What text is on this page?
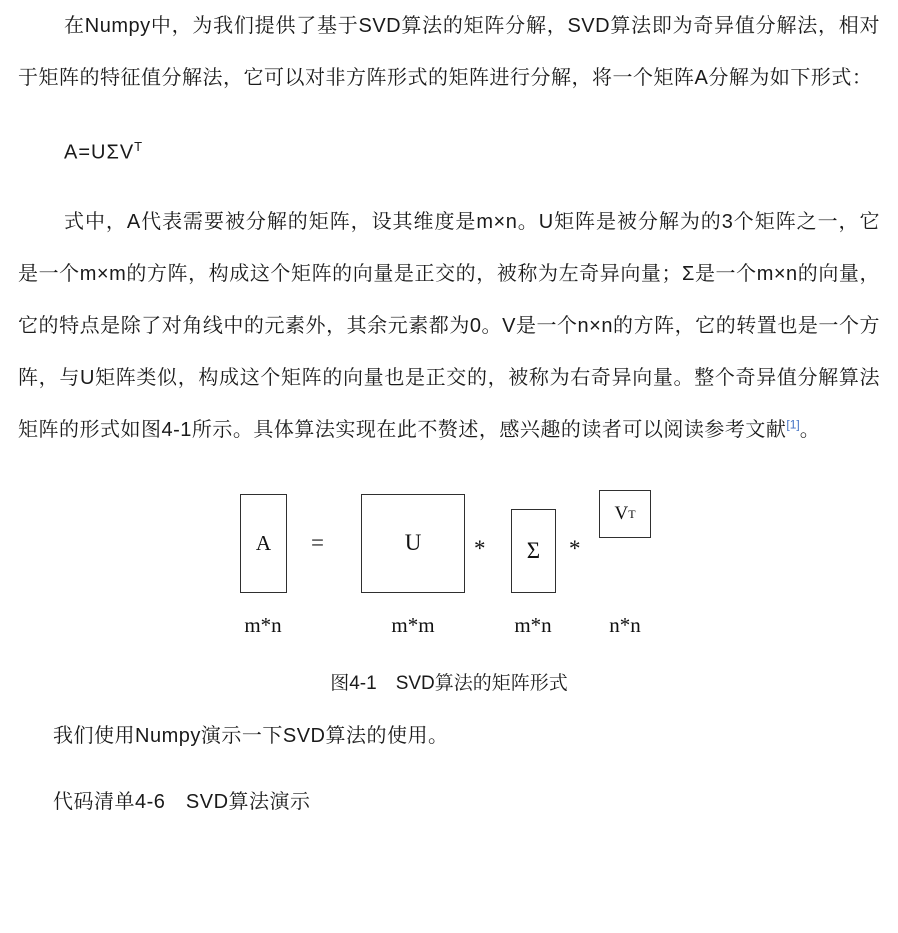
在Numpy中，为我们提供了基于SVD算法的矩阵分解，SVD算法即为奇异值分解法，相对于矩阵的特征值分解法，它可以对非方阵形式的矩阵进行分解，将一个矩阵A分解为如下形式：

$A=U\Sigma V^T$

式中，A代表需要被分解的矩阵，设其维度是m×n。U矩阵是被分解为的3个矩阵之一，它是一个m×m的方阵，构成这个矩阵的向量是正交的，被称为左奇异向量；Σ是一个m×n的向量，它的特点是除了对角线中的元素外，其余元素都为0。V是一个n×n的方阵，它的转置也是一个方阵，与U矩阵类似，构成这个矩阵的向量也是正交的，被称为右奇异向量。整个奇异值分解算法矩阵的形式如图4-1所示。具体算法实现在此不赘述，感兴趣的读者可以阅读参考文献[1]。

A =	U * Σ *
V T
m*n	m*m	m*n	n*n

图4-1　SVD算法的矩阵形式

我们使用Numpy演示一下SVD算法的使用。

代码清单4-6　SVD算法演示
